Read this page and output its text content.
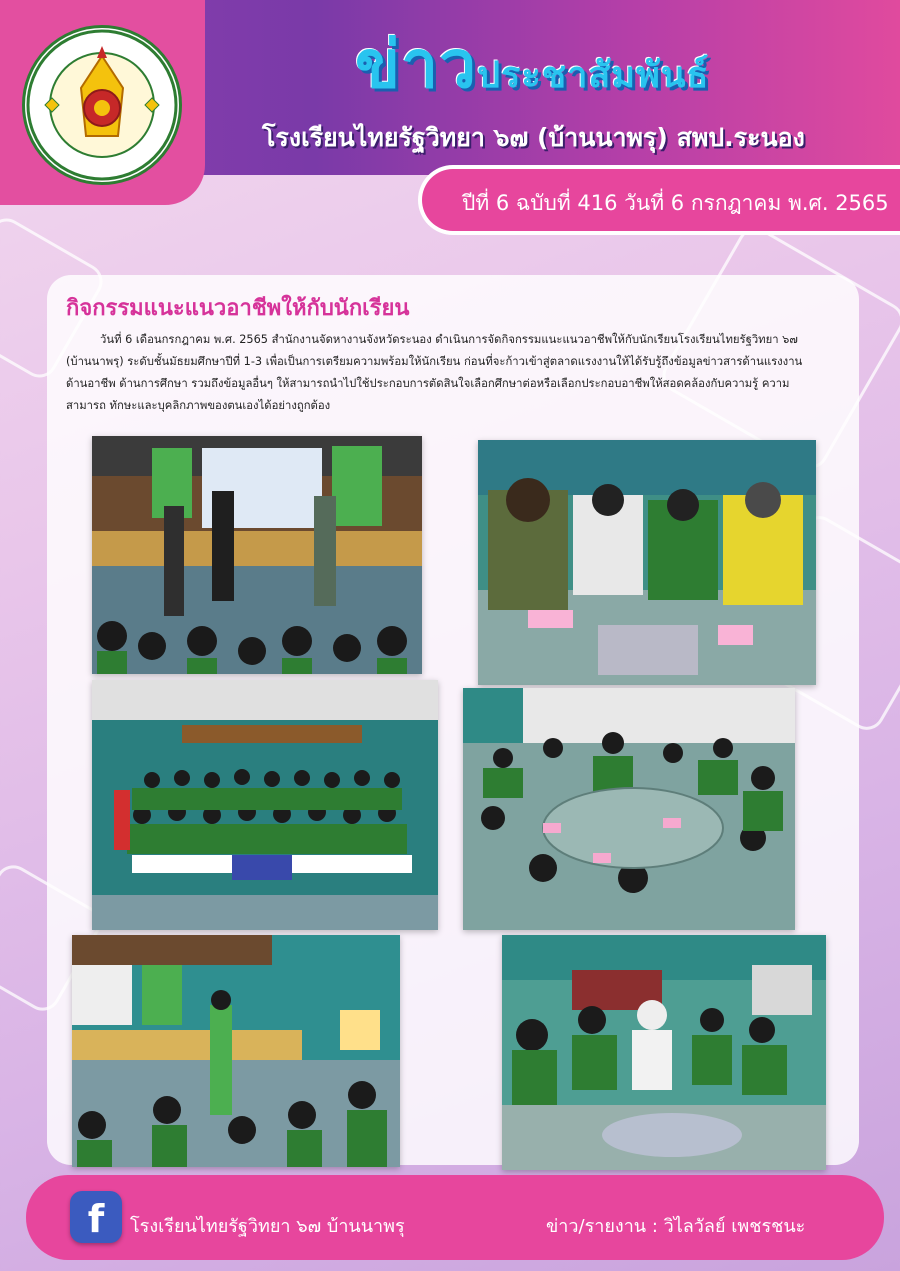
ข่าวประชาสัมพันธ์
โรงเรียนไทยรัฐวิทยา ๖๗ (บ้านนาพรุ) สพป.ระนอง
ปีที่ 6 ฉบับที่ 416 วันที่ 6 กรกฎาคม พ.ศ. 2565
กิจกรรมแนะแนวอาชีพให้กับนักเรียน

วันที่ 6 เดือนกรกฎาคม พ.ศ. 2565 สำนักงานจัดหางานจังหวัดระนอง ดำเนินการจัดกิจกรรมแนะแนวอาชีพให้กับนักเรียนโรงเรียนไทยรัฐวิทยา ๖๗ (บ้านนาพรุ) ระดับชั้นมัธยมศึกษาปีที่ 1-3 เพื่อเป็นการเตรียมความพร้อมให้นักเรียน ก่อนที่จะก้าวเข้าสู่ตลาดแรงงานให้ได้รับรู้ถึงข้อมูลข่าวสารด้านแรงงาน ด้านอาชีพ ด้านการศึกษา รวมถึงข้อมูลอื่นๆ ให้สามารถนำไปใช้ประกอบการตัดสินใจเลือกศึกษาต่อหรือเลือกประกอบอาชีพให้สอดคล้องกับความรู้ ความสามารถ ทักษะและบุคลิกภาพของตนเองได้อย่างถูกต้อง

f	โรงเรียนไทยรัฐวิทยา ๖๗ บ้านนาพรุ	ข่าว/รายงาน : วิไลวัลย์ เพชรชนะ
